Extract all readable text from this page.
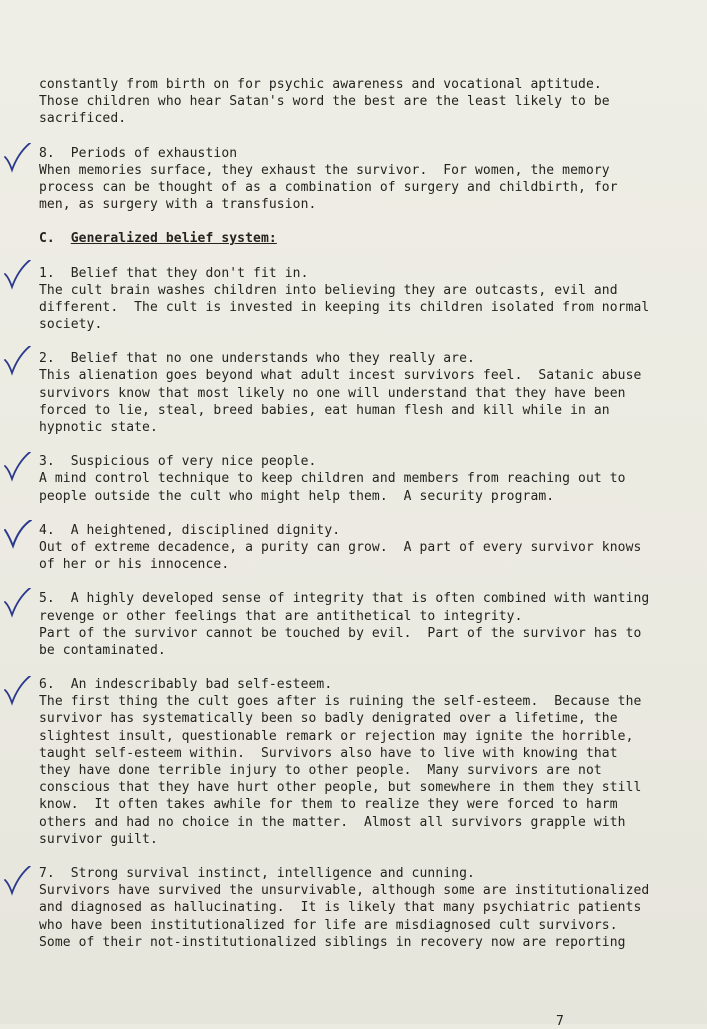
constantly from birth on for psychic awareness and vocational aptitude.
Those children who hear Satan's word the best are the least likely to be
sacrificed.
8.  Periods of exhaustion
When memories surface, they exhaust the survivor.  For women, the memory
process can be thought of as a combination of surgery and childbirth, for
men, as surgery with a transfusion.
C. Generalized belief system:
1.  Belief that they don't fit in.
The cult brain washes children into believing they are outcasts, evil and
different.  The cult is invested in keeping its children isolated from normal
society.
2.  Belief that no one understands who they really are.
This alienation goes beyond what adult incest survivors feel.  Satanic abuse
survivors know that most likely no one will understand that they have been
forced to lie, steal, breed babies, eat human flesh and kill while in an
hypnotic state.
3.  Suspicious of very nice people.
A mind control technique to keep children and members from reaching out to
people outside the cult who might help them.  A security program.
4.  A heightened, disciplined dignity.
Out of extreme decadence, a purity can grow.  A part of every survivor knows
of her or his innocence.
5.  A highly developed sense of integrity that is often combined with wanting
revenge or other feelings that are antithetical to integrity.
Part of the survivor cannot be touched by evil.  Part of the survivor has to
be contaminated.
6.  An indescribably bad self-esteem.
The first thing the cult goes after is ruining the self-esteem.  Because the
survivor has systematically been so badly denigrated over a lifetime, the
slightest insult, questionable remark or rejection may ignite the horrible,
taught self-esteem within.  Survivors also have to live with knowing that
they have done terrible injury to other people.  Many survivors are not
conscious that they have hurt other people, but somewhere in them they still
know.  It often takes awhile for them to realize they were forced to harm
others and had no choice in the matter.  Almost all survivors grapple with
survivor guilt.
7.  Strong survival instinct, intelligence and cunning.
Survivors have survived the unsurvivable, although some are institutionalized
and diagnosed as hallucinating.  It is likely that many psychiatric patients
who have been institutionalized for life are misdiagnosed cult survivors.
Some of their not-institutionalized siblings in recovery now are reporting
7
